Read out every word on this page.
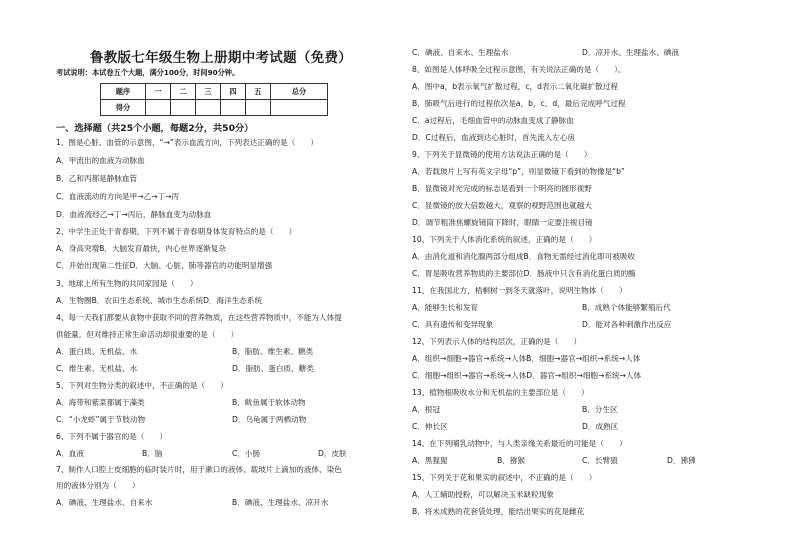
鲁教版七年级生物上册期中考试题（免费）
考试说明：本试卷五个大题，满分100分，时间90分钟。
题序	一	二	三	四	五	总分
得分						
一、选择题（共25个小题，每题2分，共50分）
1、图是心脏、血管的示意图，“→”表示血流方向，下列表达正确的是（　　）
A．甲流出的血液为动脉血
B．乙和丙都是静脉血管
C．血液流动的方向是甲→乙→丁→丙
D．血液流经乙→丁→丙后，静脉血变为动脉血
2、中学生正处于青春期，下列不属于青春期身体发育特点的是（　　）
A．身高突增B．大脑发育最快，内心世界逐渐复杂
C．开始出现第二性征D．大脑、心脏、肺等器官的功能明显增强
3、地球上所有生物的共同家园是（　　）
A．生物圈B．农田生态系统、城市生态系统D．海洋生态系统
4、每一天我们都要从食物中获取不同的营养物质，在这些营养物质中，不能为人体提
供能量，但对维持正常生命活动却很重要的是（　　）
A．蛋白质、无机盐、水	B．脂肪、维生素、糖类
C．维生素、无机盐、水	D．脂肪、蛋白质、糖类
5、下列对生物分类的叙述中，不正确的是（　　）
A．海带和紫菜都属于藻类	B．鱿鱼属于软体动物
C．“小龙虾”属于节肢动物	D．乌龟属于两栖动物
6、下列不属于器官的是（　　）
A．血液	B．脑	C．小肠	D．皮肤
7、制作人口腔上皮细胞的临时装片时，用于漱口的液体、载玻片上滴加的液体、染色
用的液体分别为（　　）
A．碘液、生理盐水、自来水	B．碘液、生理盐水、凉开水
C．碘液、自来水、生理盐水	D．凉开水、生理盐水、碘液
8、如图是人体呼吸全过程示意图，有关说法正确的是（　　）。
A．图中a，b表示氧气扩散过程，c，d表示二氧化碳扩散过程
B．肺吸气后进行的过程依次是a，b，c，d，最后完成呼气过程
C．a过程后，毛细血管中的动脉血变成了静脉血
D．C过程后，血液到达心脏时，首先流入左心房
9、下列关于显微镜的使用方法说法正确的是（　　）
A．若载玻片上写有英文字母“p”，则显微镜下看到的物像是“b”
B．显微镜对光完成的标志是看到一个明亮的圆形视野
C．显微镜的放大倍数越大，观察的视野范围也就越大
D．调节粗准焦螺旋镜筒下降时，眼睛一定要注视目镜
10、下列关于人体消化系统的叙述，正确的是（　　）
A．由消化道和消化腺两部分组成B．食物无需经过消化即可被吸收
C．胃是吸收营养物质的主要部位D．肠液中只含有消化蛋白质的酶
11、在我国北方，梧桐树一到冬天就落叶，说明生物体（　　）
A．能够生长和发育	B．成熟个体能够繁殖后代
C．具有遗传和变异现象	D．能对各种刺激作出反应
12、下列表示人体的结构层次，正确的是（　　）
A．组织→细胞→器官→系统→人体B．细胞→器官→组织→系统→人体
C．细胞→组织→器官→系统→人体D．器官→组织→细胞→系统→人体
13、植物根吸收水分和无机盐的主要部位是（　　）
A．根冠	B．分生区
C．伸长区	D．成熟区
14、在下列哺乳动物中，与人类亲缘关系最近的可能是（　　）
A．黑猩猩	B．猕猴	C．长臂猿	D．狒狒
15、下列关于花和果实的叙述中，不正确的是（　　）
A．人工辅助授粉，可以解决玉米缺粒现象
B．将未成熟的花套袋处理，能结出果实的花是雌花
